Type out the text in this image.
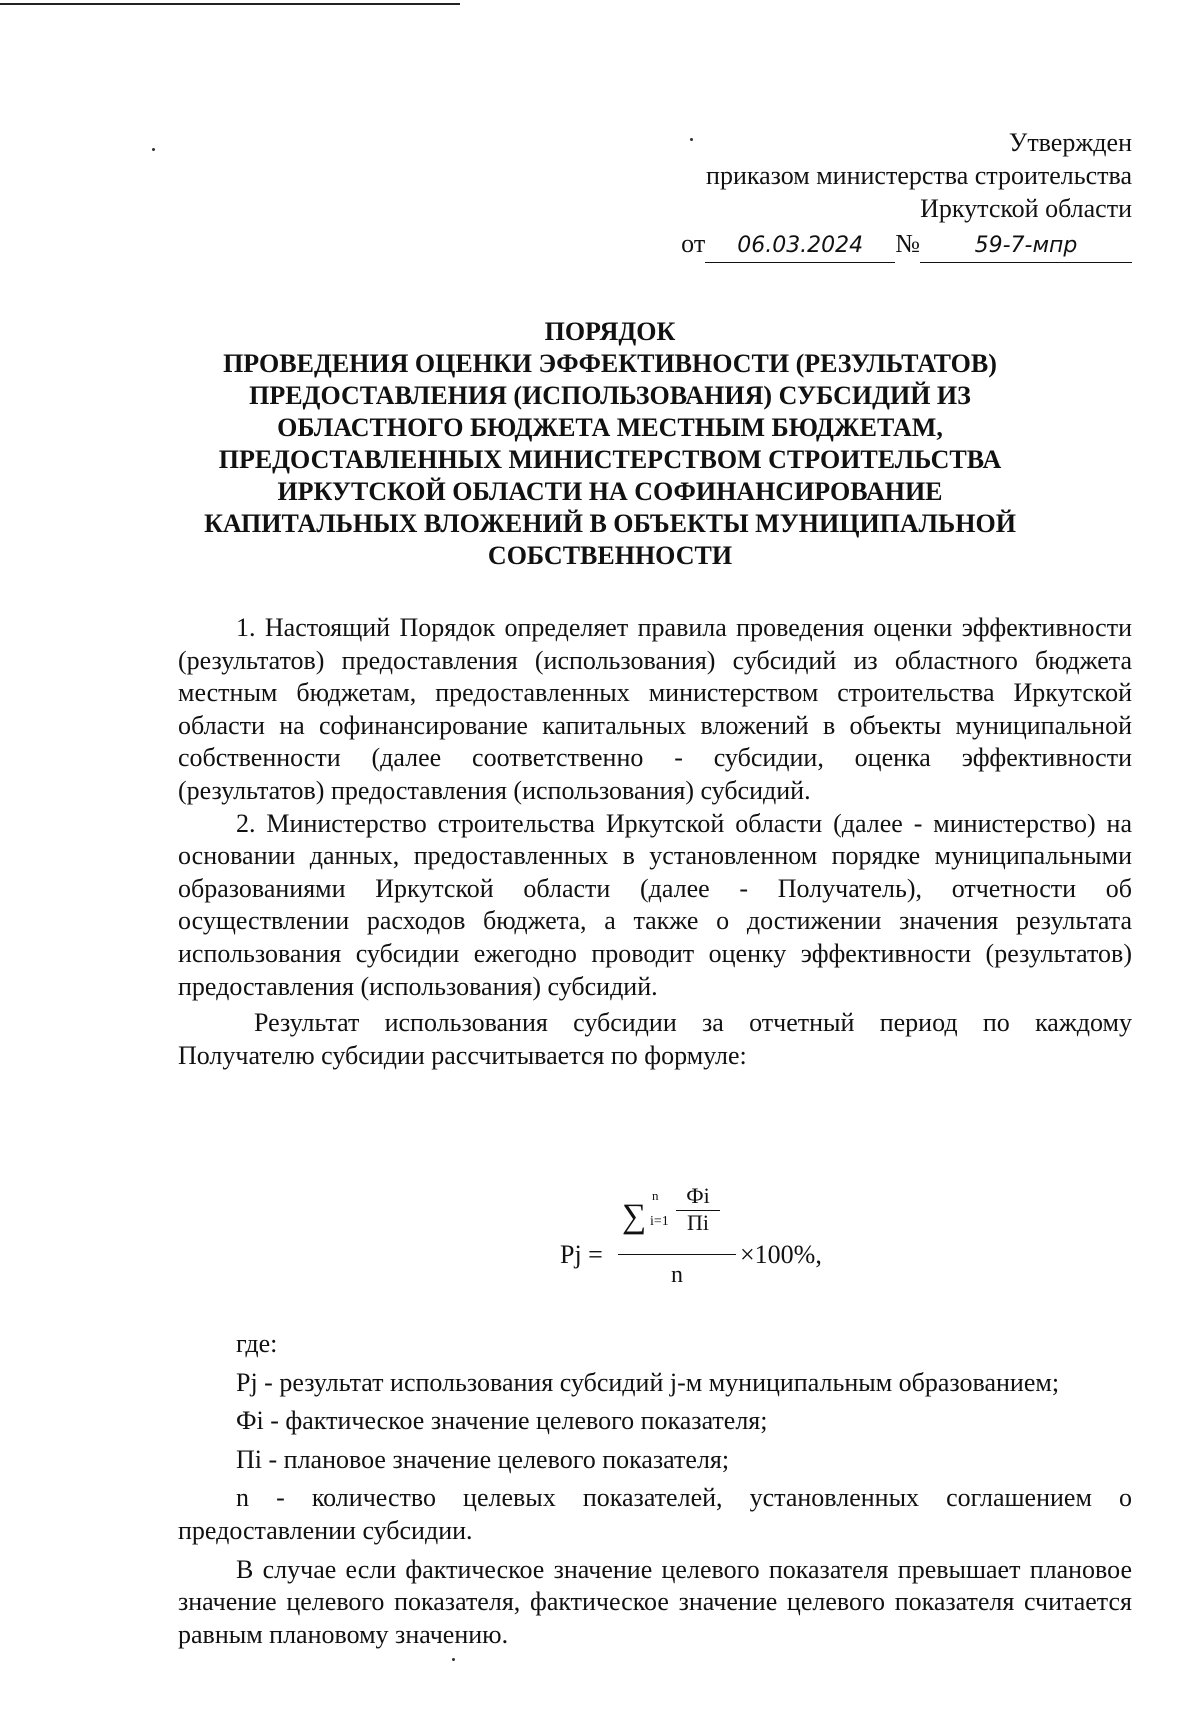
Утвержден
приказом министерства строительства
Иркутской области
от 06.03.2024 № 59-7-мпр
ПОРЯДОК
ПРОВЕДЕНИЯ ОЦЕНКИ ЭФФЕКТИВНОСТИ (РЕЗУЛЬТАТОВ)
ПРЕДОСТАВЛЕНИЯ (ИСПОЛЬЗОВАНИЯ) СУБСИДИЙ ИЗ
ОБЛАСТНОГО БЮДЖЕТА МЕСТНЫМ БЮДЖЕТАМ,
ПРЕДОСТАВЛЕННЫХ МИНИСТЕРСТВОМ СТРОИТЕЛЬСТВА
ИРКУТСКОЙ ОБЛАСТИ НА СОФИНАНСИРОВАНИЕ
КАПИТАЛЬНЫХ ВЛОЖЕНИЙ В ОБЪЕКТЫ МУНИЦИПАЛЬНОЙ
СОБСТВЕННОСТИ

1. Настоящий Порядок определяет правила проведения оценки эффективности (результатов) предоставления (использования) субсидий из областного бюджета местным бюджетам, предоставленных министерством строительства Иркутской области на софинансирование капитальных вложений в объекты муниципальной собственности (далее соответственно - субсидии, оценка эффективности (результатов) предоставления (использования) субсидий.

2. Министерство строительства Иркутской области (далее - министерство) на основании данных, предоставленных в установленном порядке муниципальными образованиями Иркутской области (далее - Получатель), отчетности об осуществлении расходов бюджета, а также о достижении значения результата использования субсидии ежегодно проводит оценку эффективности (результатов) предоставления (использования) субсидий.

Результат использования субсидии за отчетный период по каждому Получателю субсидии рассчитывается по формуле:

Pj =
∑
n
i=1
Фi
Пi
n
×100%,

где:

Pj - результат использования субсидий j-м муниципальным образованием;

Фi - фактическое значение целевого показателя;

Пi - плановое значение целевого показателя;

n - количество целевых показателей, установленных соглашением о предоставлении субсидии.

В случае если фактическое значение целевого показателя превышает плановое значение целевого показателя, фактическое значение целевого показателя считается равным плановому значению.
